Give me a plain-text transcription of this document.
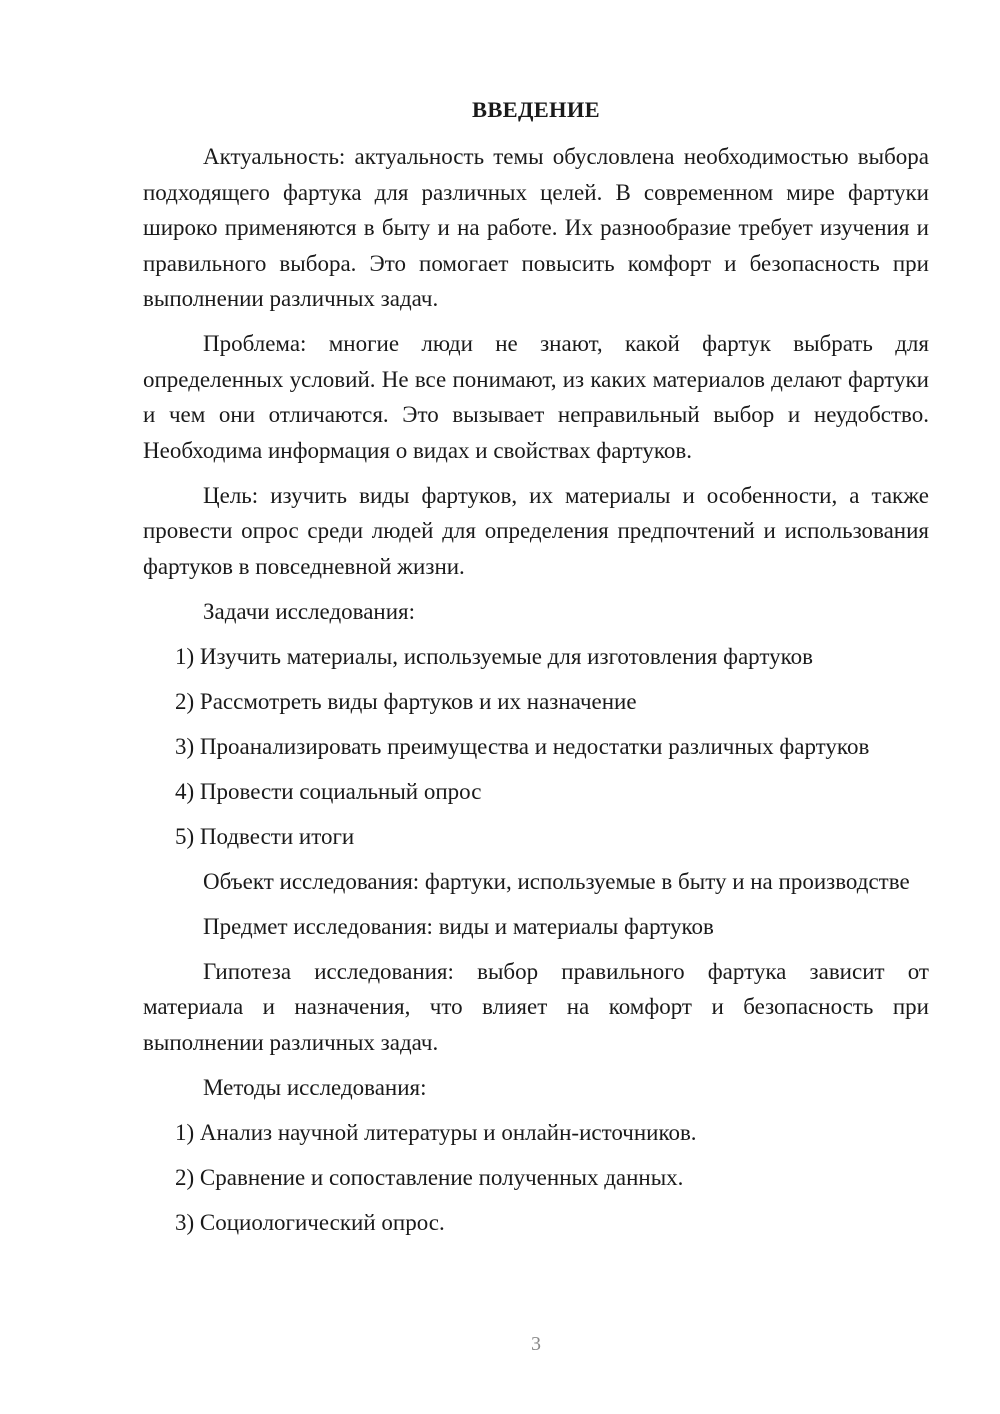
ВВЕДЕНИЕ

Актуальность: актуальность темы обусловлена необходимостью выбора подходящего фартука для различных целей. В современном мире фартуки широко применяются в быту и на работе. Их разнообразие требует изучения и правильного выбора. Это помогает повысить комфорт и безопасность при выполнении различных задач.

Проблема: многие люди не знают, какой фартук выбрать для определенных условий. Не все понимают, из каких материалов делают фартуки и чем они отличаются. Это вызывает неправильный выбор и неудобство. Необходима информация о видах и свойствах фартуков.

Цель: изучить виды фартуков, их материалы и особенности, а также провести опрос среди людей для определения предпочтений и использования фартуков в повседневной жизни.

Задачи исследования:

1) Изучить материалы, используемые для изготовления фартуков

2) Рассмотреть виды фартуков и их назначение

3) Проанализировать преимущества и недостатки различных фартуков

4) Провести социальный опрос

5) Подвести итоги

Объект исследования: фартуки, используемые в быту и на производстве

Предмет исследования: виды и материалы фартуков

Гипотеза исследования: выбор правильного фартука зависит от материала и назначения, что влияет на комфорт и безопасность при выполнении различных задач.

Методы исследования:

1) Анализ научной литературы и онлайн-источников.

2) Сравнение и сопоставление полученных данных.

3) Социологический опрос.

3
